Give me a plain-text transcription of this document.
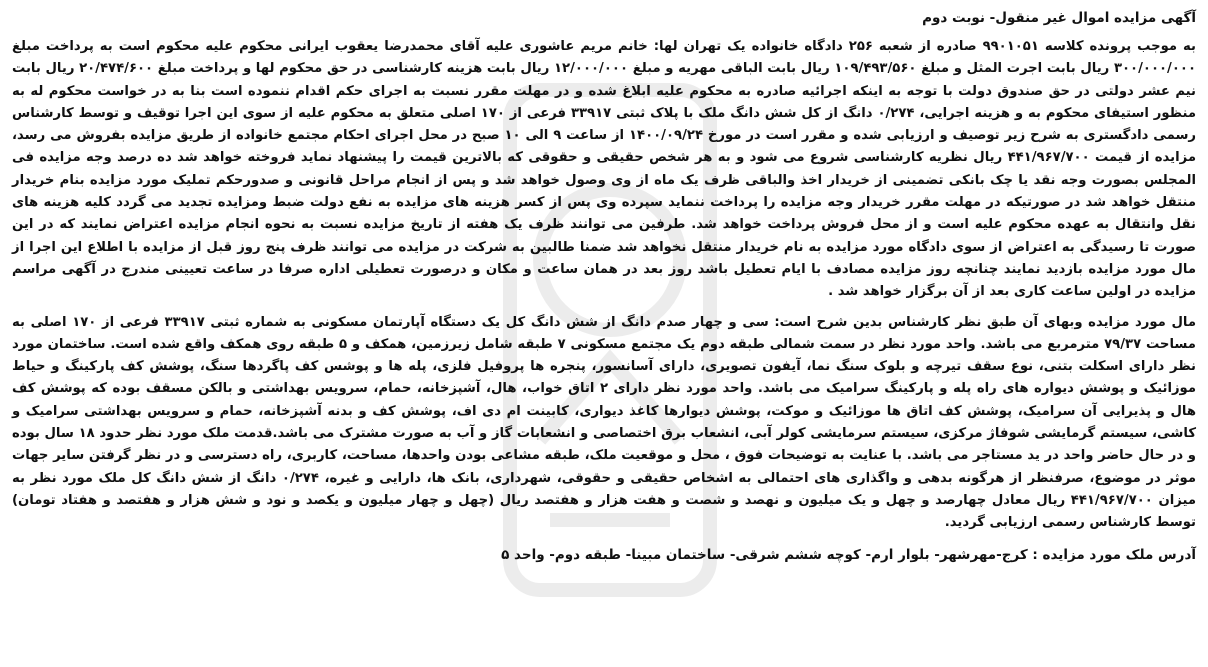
آگهی مزایده اموال غیر منقول- نوبت دوم

به موجب پرونده کلاسه ۹۹۰۱۰۵۱ صادره از شعبه ۲۵۶ دادگاه خانواده یک تهران لها: خانم مریم عاشوری علیه آقای محمدرضا یعقوب ایرانی محکوم علیه محکوم است به پرداخت مبلغ ۳۰۰/۰۰۰/۰۰۰ ریال بابت اجرت المثل و مبلغ ۱۰۹/۴۹۳/۵۶۰ ریال بابت الباقی مهریه و مبلغ ۱۲/۰۰۰/۰۰۰ ریال بابت هزینه کارشناسی در حق محکوم لها و پرداخت مبلغ ۲۰/۴۷۴/۶۰۰ ریال بابت نیم عشر دولتی در حق صندوق دولت با توجه به اینکه اجرائیه صادره به محکوم علیه ابلاغ شده و در مهلت مقرر نسبت به اجرای حکم اقدام ننموده است بنا به در خواست محکوم له به منظور استیفای محکوم به و هزینه اجرایی، ۰/۲۷۴ دانگ از کل شش دانگ ملک با پلاک ثبتی ۳۳۹۱۷ فرعی از ۱۷۰ اصلی متعلق به محکوم علیه از سوی این اجرا توقیف و توسط کارشناس رسمی دادگستری به شرح زیر توصیف و ارزیابی شده و مقرر است در مورخ ۱۴۰۰/۰۹/۲۴ از ساعت ۹ الی ۱۰ صبح در محل اجرای احکام مجتمع خانواده از طریق مزایده بفروش می رسد، مزایده از قیمت ۴۴۱/۹۶۷/۷۰۰ ریال نظریه کارشناسی شروع می شود و به هر شخص حقیقی و حقوقی که بالاترین قیمت را پیشنهاد نماید فروخته خواهد شد ده درصد وجه مزایده فی المجلس بصورت وجه نقد یا چک بانکی تضمینی از خریدار اخذ والباقی ظرف یک ماه از وی وصول خواهد شد و پس از انجام مراحل قانونی و صدورحکم تملیک مورد مزایده بنام خریدار منتقل خواهد شد در صورتیکه در مهلت مقرر خریدار وجه مزایده را پرداخت ننماید سپرده وی پس از کسر هزینه های مزایده به نفع دولت ضبط ومزایده تجدید می گردد کلیه هزینه های نقل وانتقال به عهده محکوم علیه است و از محل فروش پرداخت خواهد شد. طرفین می توانند ظرف یک هفته از تاریخ مزایده نسبت به نحوه انجام مزایده اعتراض نمایند که در این صورت تا رسیدگی به اعتراض از سوی دادگاه مورد مزایده به نام خریدار منتقل نخواهد شد ضمنا طالبین به شرکت در مزایده می توانند ظرف پنج روز قبل از مزایده با اطلاع این اجرا از مال مورد مزایده بازدید نمایند چنانچه روز مزایده مصادف با ایام تعطیل باشد روز بعد در همان ساعت و مکان و درصورت تعطیلی اداره صرفا در ساعت تعیینی مندرج در آگهی مراسم مزایده در اولین ساعت کاری بعد از آن برگزار خواهد شد .

مال مورد مزایده وبهای آن طبق نظر کارشناس بدین شرح است: سی و چهار صدم دانگ از شش دانگ کل یک دستگاه آپارتمان مسکونی به شماره ثبتی ۳۳۹۱۷ فرعی از ۱۷۰ اصلی به مساحت ۷۹/۳۷ مترمربع می باشد. واحد مورد نظر در سمت شمالی طبقه دوم یک مجتمع مسکونی ۷ طبقه شامل زیرزمین، همکف و ۵ طبقه روی همکف واقع شده است. ساختمان مورد نظر دارای اسکلت بتنی، نوع سقف تیرچه و بلوک سنگ نما، آیفون تصویری، دارای آسانسور، پنجره ها پروفیل فلزی، پله ها و پوشس کف پاگردها سنگ، پوشش کف پارکینگ و حیاط موزائیک و پوشش دیواره های راه پله و پارکینگ سرامیک می باشد. واحد مورد نظر دارای ۲ اتاق خواب، هال، آشپزخانه، حمام، سرویس بهداشتی و بالکن مسقف بوده که پوشش کف هال و پذیرایی آن سرامیک، پوشش کف اتاق ها موزائیک و موکت، پوشش دیوارها کاغذ دیواری، کابینت ام دی اف، پوشش کف و بدنه آشپزخانه، حمام و سرویس بهداشتی سرامیک و کاشی، سیستم گرمایشی شوفاژ مرکزی، سیستم سرمایشی کولر آبی، انشعاب برق اختصاصی و انشعابات گاز و آب به صورت مشترک می باشد.قدمت ملک مورد نظر حدود ۱۸ سال بوده و در حال حاضر واحد در ید مستاجر می باشد. با عنایت به توضیحات فوق ، محل و موقعیت ملک، طبقه مشاعی بودن واحدها، مساحت، کاربری، راه دسترسی و در نظر گرفتن سایر جهات موثر در موضوع، صرفنظر از هرگونه بدهی و واگذاری های احتمالی به اشخاص حقیقی و حقوقی، شهرداری، بانک ها، دارایی و غیره، ۰/۲۷۴ دانگ از شش دانگ کل ملک مورد نظر به میزان ۴۴۱/۹۶۷/۷۰۰ ریال معادل چهارصد و چهل و یک میلیون و نهصد و شصت و هفت هزار و هفتصد ریال (چهل و چهار میلیون و یکصد و نود و شش هزار و هفتصد و هفتاد تومان) توسط کارشناس رسمی ارزیابی گردید.

آدرس ملک مورد مزایده : کرج-مهرشهر- بلوار ارم- کوچه ششم شرقی- ساختمان مبینا- طبقه دوم- واحد ۵
